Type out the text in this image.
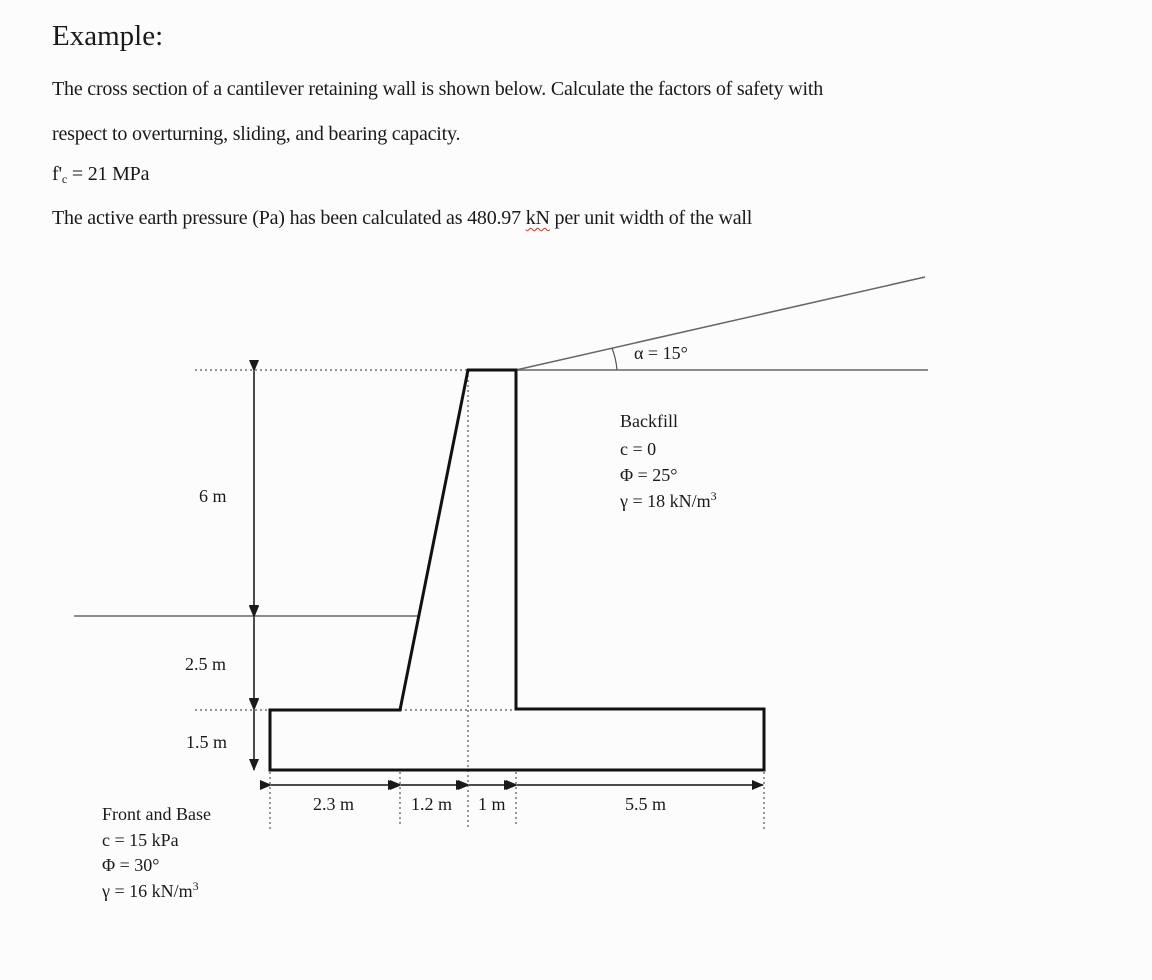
Example:
The cross section of a cantilever retaining wall is shown below. Calculate the factors of safety with
respect to overturning, sliding, and bearing capacity.
$f'_c = 21$ MPa
The active earth pressure (Pa) has been calculated as 480.97 kN per unit width of the wall
6 m
2.5 m
1.5 m
2.3 m	1.2 m 1 m	5.5 m
α = 15°
Backfill
c = 0
Φ = 25°
γ = 18 $kN/m^3$
Front and Base
c = 15 kPa
Φ = 30°
γ = 16 $kN/m^3$
